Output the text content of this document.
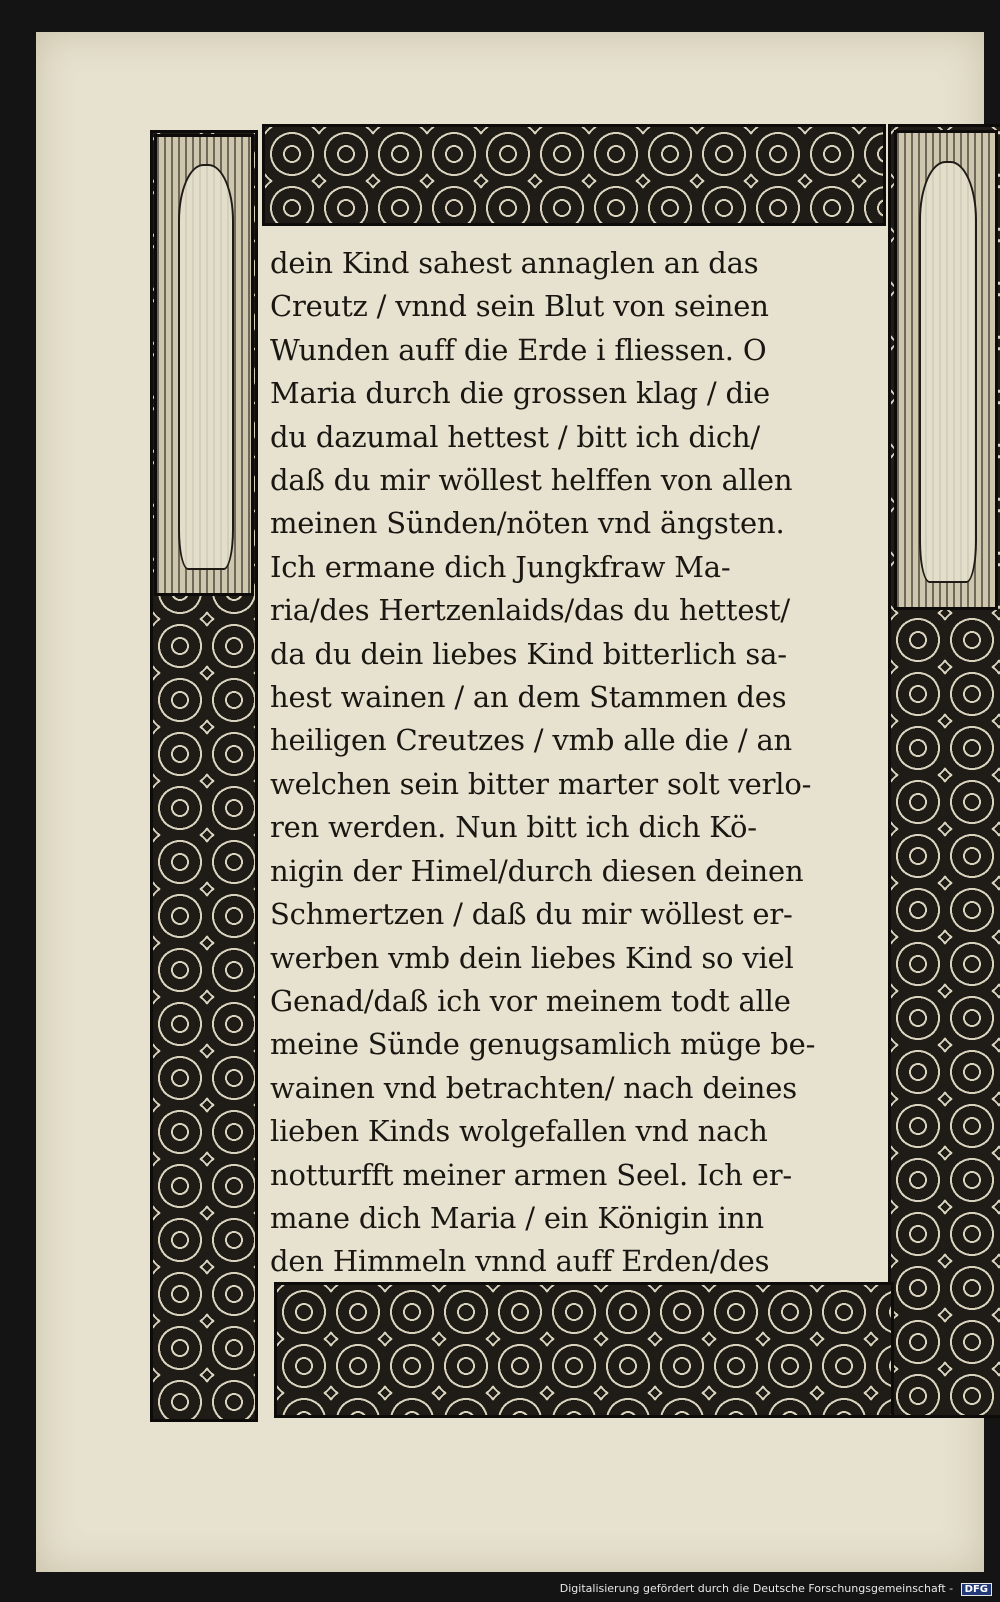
dein Kind sahest annaglen an das
Creutz / vnnd sein Blut von seinen
Wunden auff die Erde i fliessen. O
Maria durch die grossen klag / die
du dazumal hettest / bitt ich dich/
daß du mir wöllest helffen von allen
meinen Sünden/nöten vnd ängsten.
Ich ermane dich Jungkfraw Ma-
ria/des Hertzenlaids/das du hettest/
da du dein liebes Kind bitterlich sa-
hest wainen / an dem Stammen des
heiligen Creutzes / vmb alle die / an
welchen sein bitter marter solt verlo-
ren werden. Nun bitt ich dich Kö-
nigin der Himel/durch diesen deinen
Schmertzen / daß du mir wöllest er-
werben vmb dein liebes Kind so viel
Genad/daß ich vor meinem todt alle
meine Sünde genugsamlich müge be-
wainen vnd betrachten/ nach deines
lieben Kinds wolgefallen vnd nach
notturfft meiner armen Seel. Ich er-
mane dich Maria / ein Königin inn
den Himmeln vnnd auff Erden/des
Digitalisierung gefördert durch die Deutsche Forschungsgemeinschaft - DFG
